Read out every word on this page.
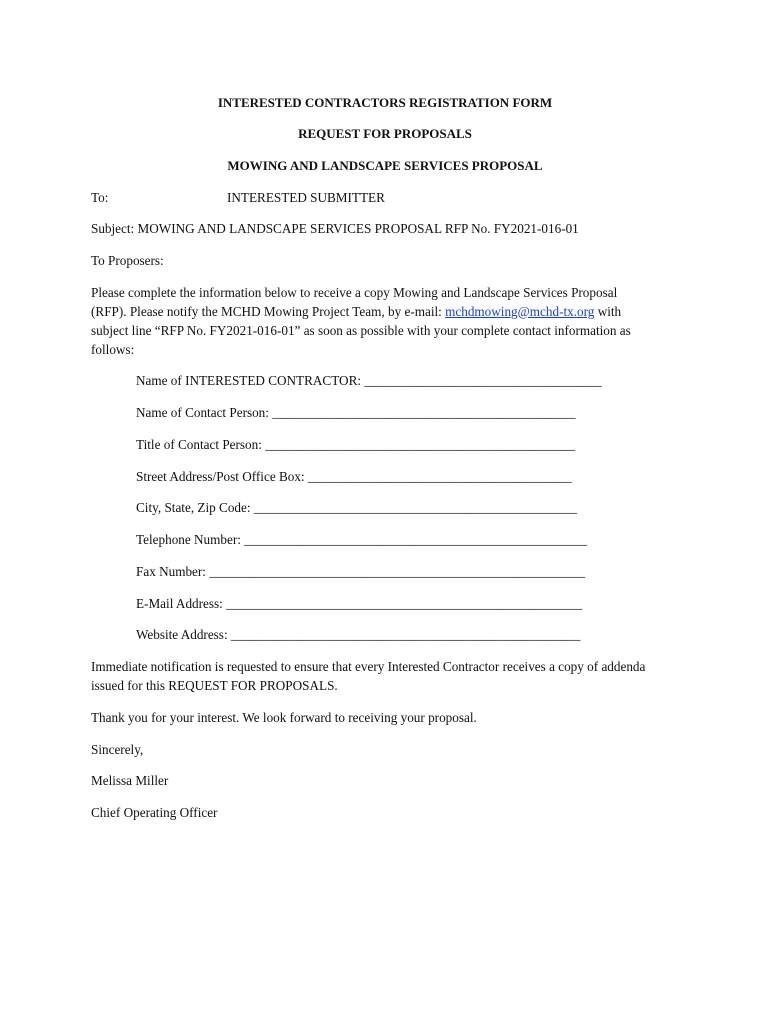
INTERESTED CONTRACTORS REGISTRATION FORM
REQUEST FOR PROPOSALS
MOWING AND LANDSCAPE SERVICES PROPOSAL
To:	INTERESTED SUBMITTER
Subject: MOWING AND LANDSCAPE SERVICES PROPOSAL RFP No. FY2021-016-01
To Proposers:
Please complete the information below to receive a copy Mowing and Landscape Services Proposal
(RFP). Please notify the MCHD Mowing Project Team, by e-mail: mchdmowing@mchd-tx.org with
subject line “RFP No. FY2021-016-01” as soon as possible with your complete contact information as
follows:
Name of INTERESTED CONTRACTOR: ____________________________________
Name of Contact Person: ______________________________________________
Title of Contact Person: _______________________________________________
Street Address/Post Office Box: ________________________________________
City, State, Zip Code: _________________________________________________
Telephone Number: ____________________________________________________
Fax Number: _________________________________________________________
E-Mail Address: ______________________________________________________
Website Address: _____________________________________________________
Immediate notification is requested to ensure that every Interested Contractor receives a copy of addenda
issued for this REQUEST FOR PROPOSALS.
Thank you for your interest. We look forward to receiving your proposal.
Sincerely,
Melissa Miller
Chief Operating Officer
